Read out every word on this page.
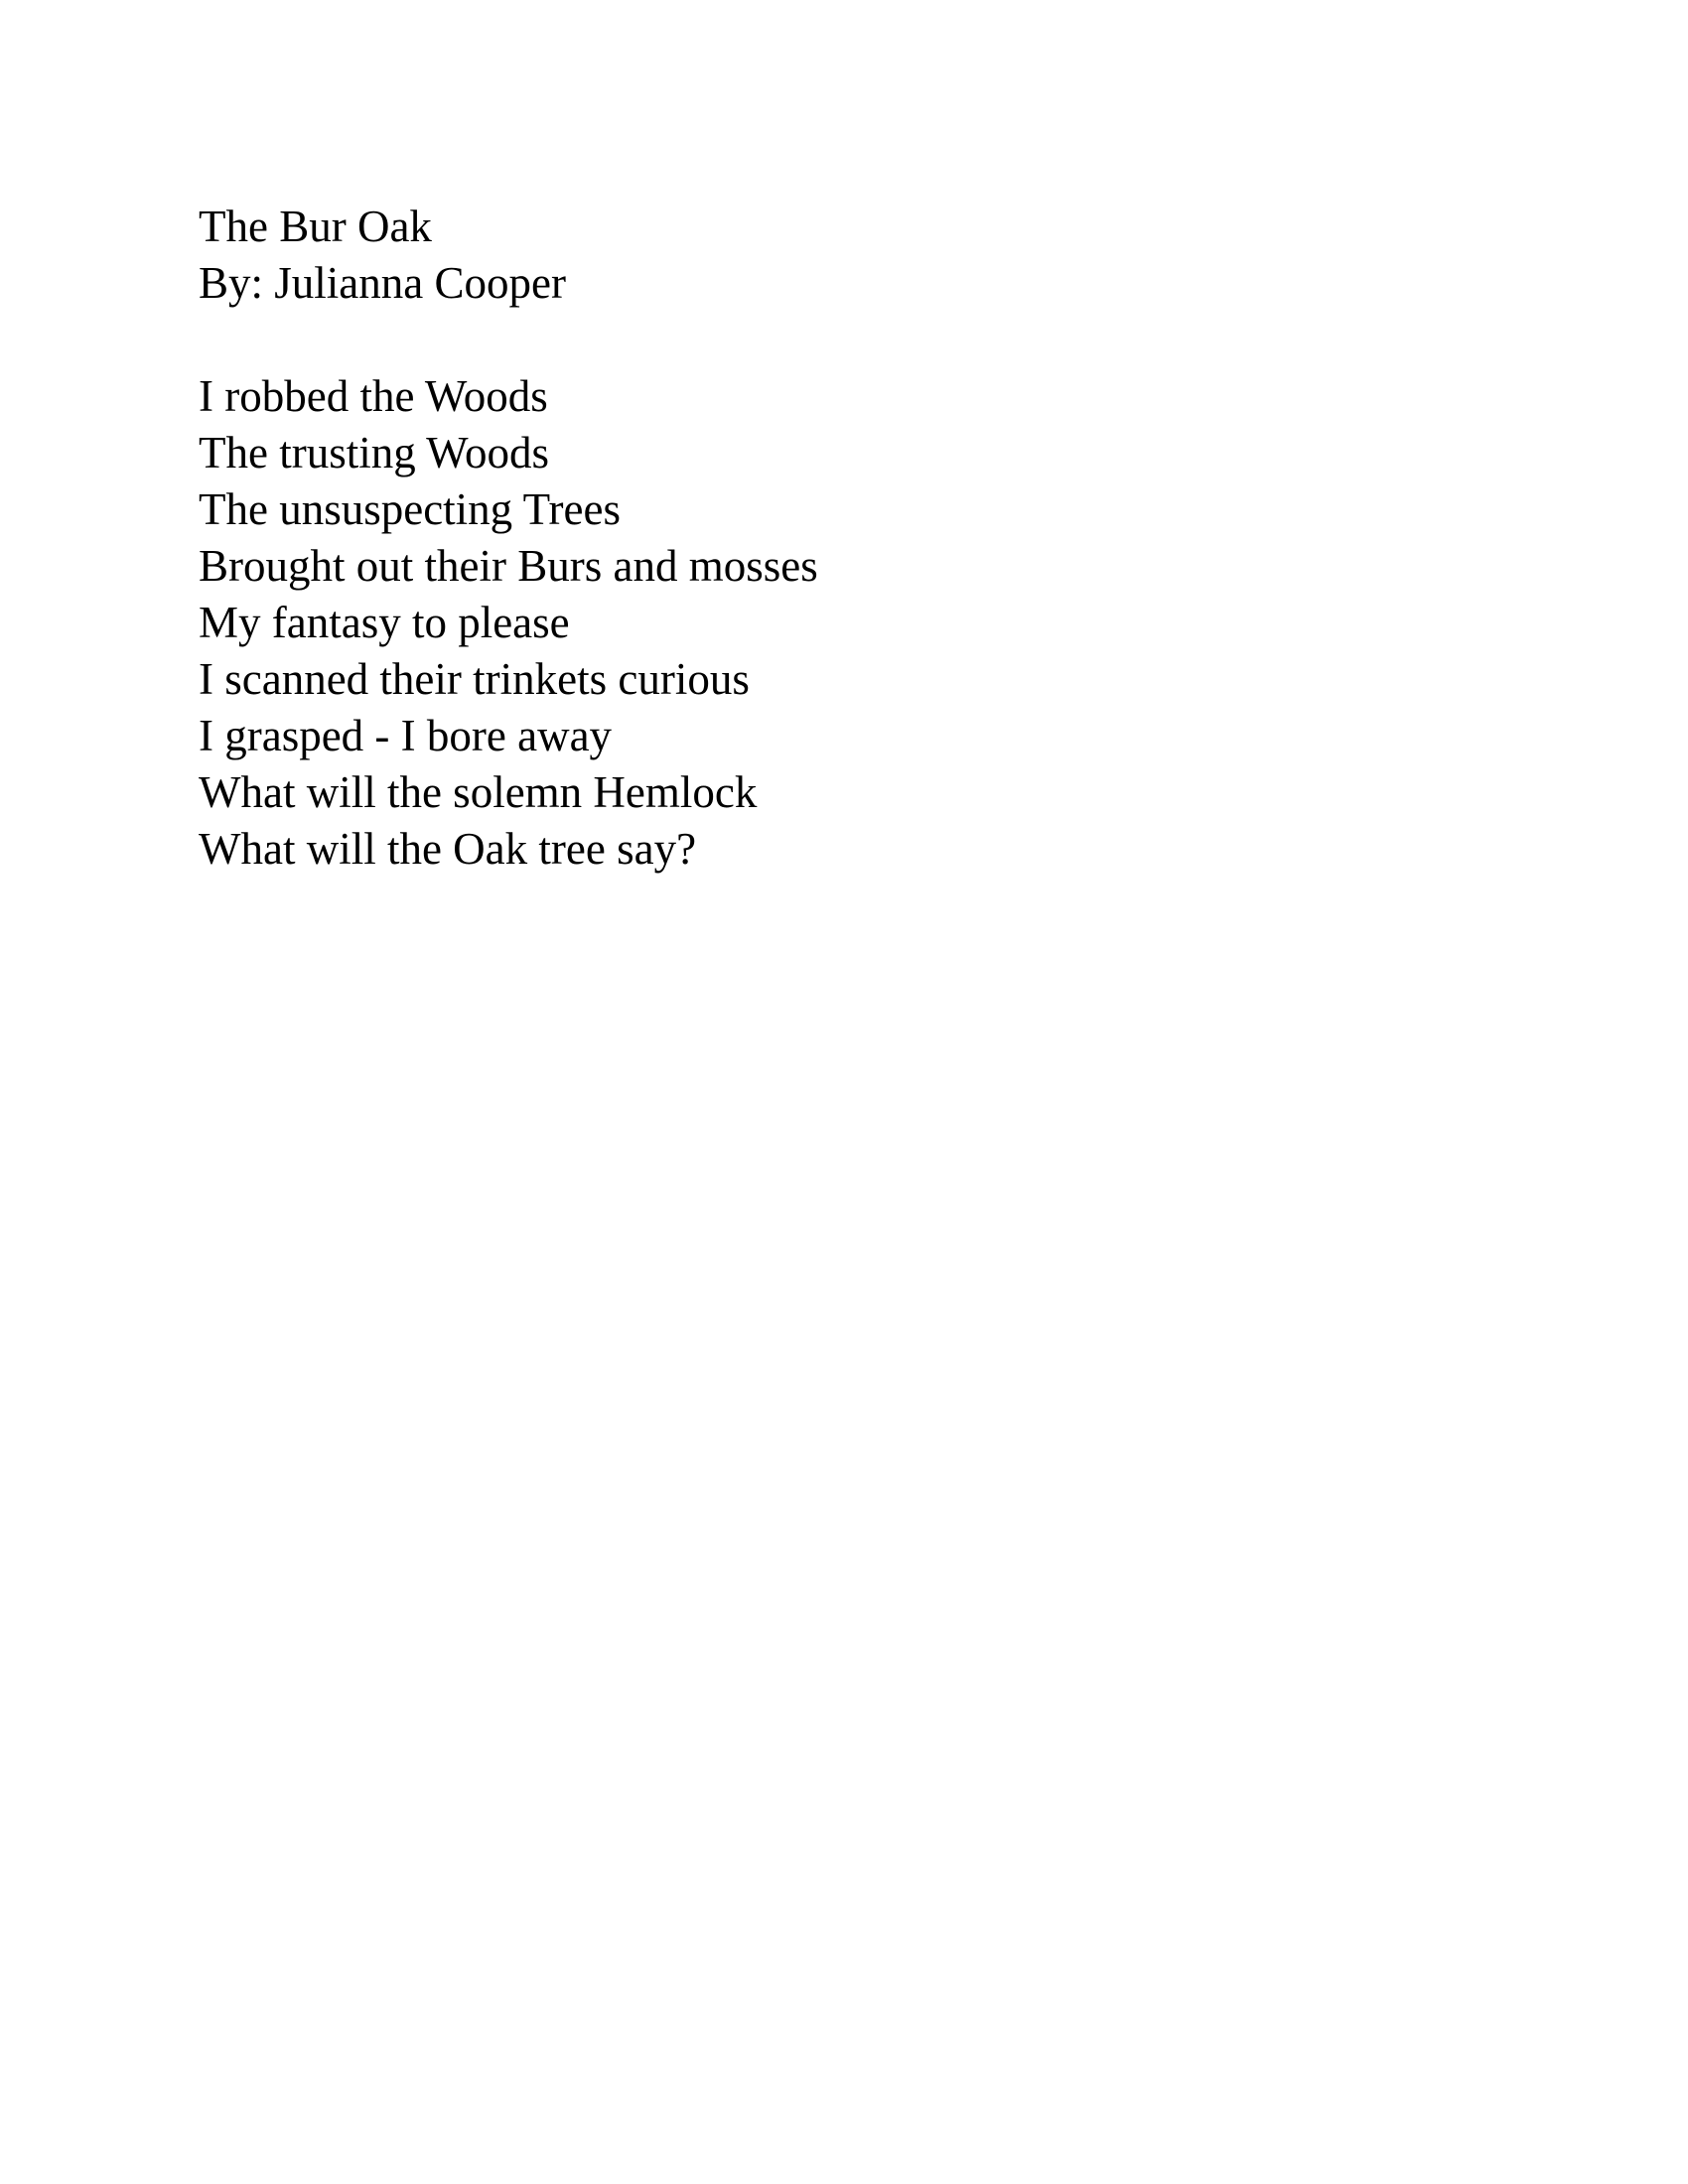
The Bur Oak
By: Julianna Cooper
I robbed the Woods
The trusting Woods
The unsuspecting Trees
Brought out their Burs and mosses
My fantasy to please
I scanned their trinkets curious
I grasped - I bore away
What will the solemn Hemlock
What will the Oak tree say?
